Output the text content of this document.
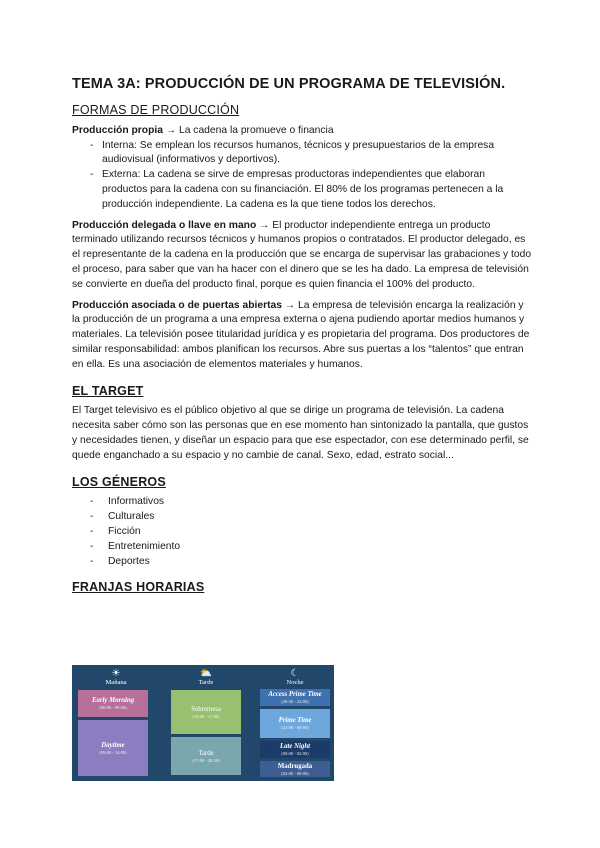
TEMA 3A: PRODUCCIÓN DE UN PROGRAMA DE TELEVISIÓN.
FORMAS DE PRODUCCIÓN

Producción propia → La cadena la promueve o financia

- Interna: Se emplean los recursos humanos, técnicos y presupuestarios de la empresa audiovisual (informativos y deportivos).
- Externa: La cadena se sirve de empresas productoras independientes que elaboran productos para la cadena con su financiación. El 80% de los programas pertenecen a la producción independiente. La cadena es la que tiene todos los derechos.

Producción delegada o llave en mano → El productor independiente entrega un producto terminado utilizando recursos técnicos y humanos propios o contratados. El productor delegado, es el representante de la cadena en la producción que se encarga de supervisar las grabaciones y todo el proceso, para saber que van ha hacer con el dinero que se les ha dado. La empresa de televisión se convierte en dueña del producto final, porque es quien financia el 100% del producto.

Producción asociada o de puertas abiertas → La empresa de televisión encarga la realización y la producción de un programa a una empresa externa o ajena pudiendo aportar medios humanos y materiales. La televisión posee titularidad jurídica y es propietaria del programa. Dos productores de similar responsabilidad: ambos planifican los recursos. Abre sus puertas a los “talentos” que entran en ella. Es una asociación de elementos materiales y humanos.

EL TARGET

El Target televisivo es el público objetivo al que se dirige un programa de televisión. La cadena necesita saber cómo son las personas que en ese momento han sintonizado la pantalla, que gustos y necesidades tienen, y diseñar un espacio para que ese espectador, con ese determinado perfil, se quede enganchado a su espacio y no cambie de canal. Sexo, edad, estrato social...

LOS GÉNEROS
- Informativos
- Culturales
- Ficción
- Entretenimiento
- Deportes
FRANJAS HORARIAS
☀
Mañana
⛅
Tarde
☾
Noche
Early Morning
(06:00 - 09:00)
Daytime
(09:00 - 14:00)
Sobremesa
(14:00 - 17:00)
Tarde
(17:00 - 20:30)
Access Prime Time
(20:30 - 22:00)
Prime Time
(22:00 - 00:00)
Late Night
(00:00 - 02:00)
Madrugada
(02:00 - 06:00)
